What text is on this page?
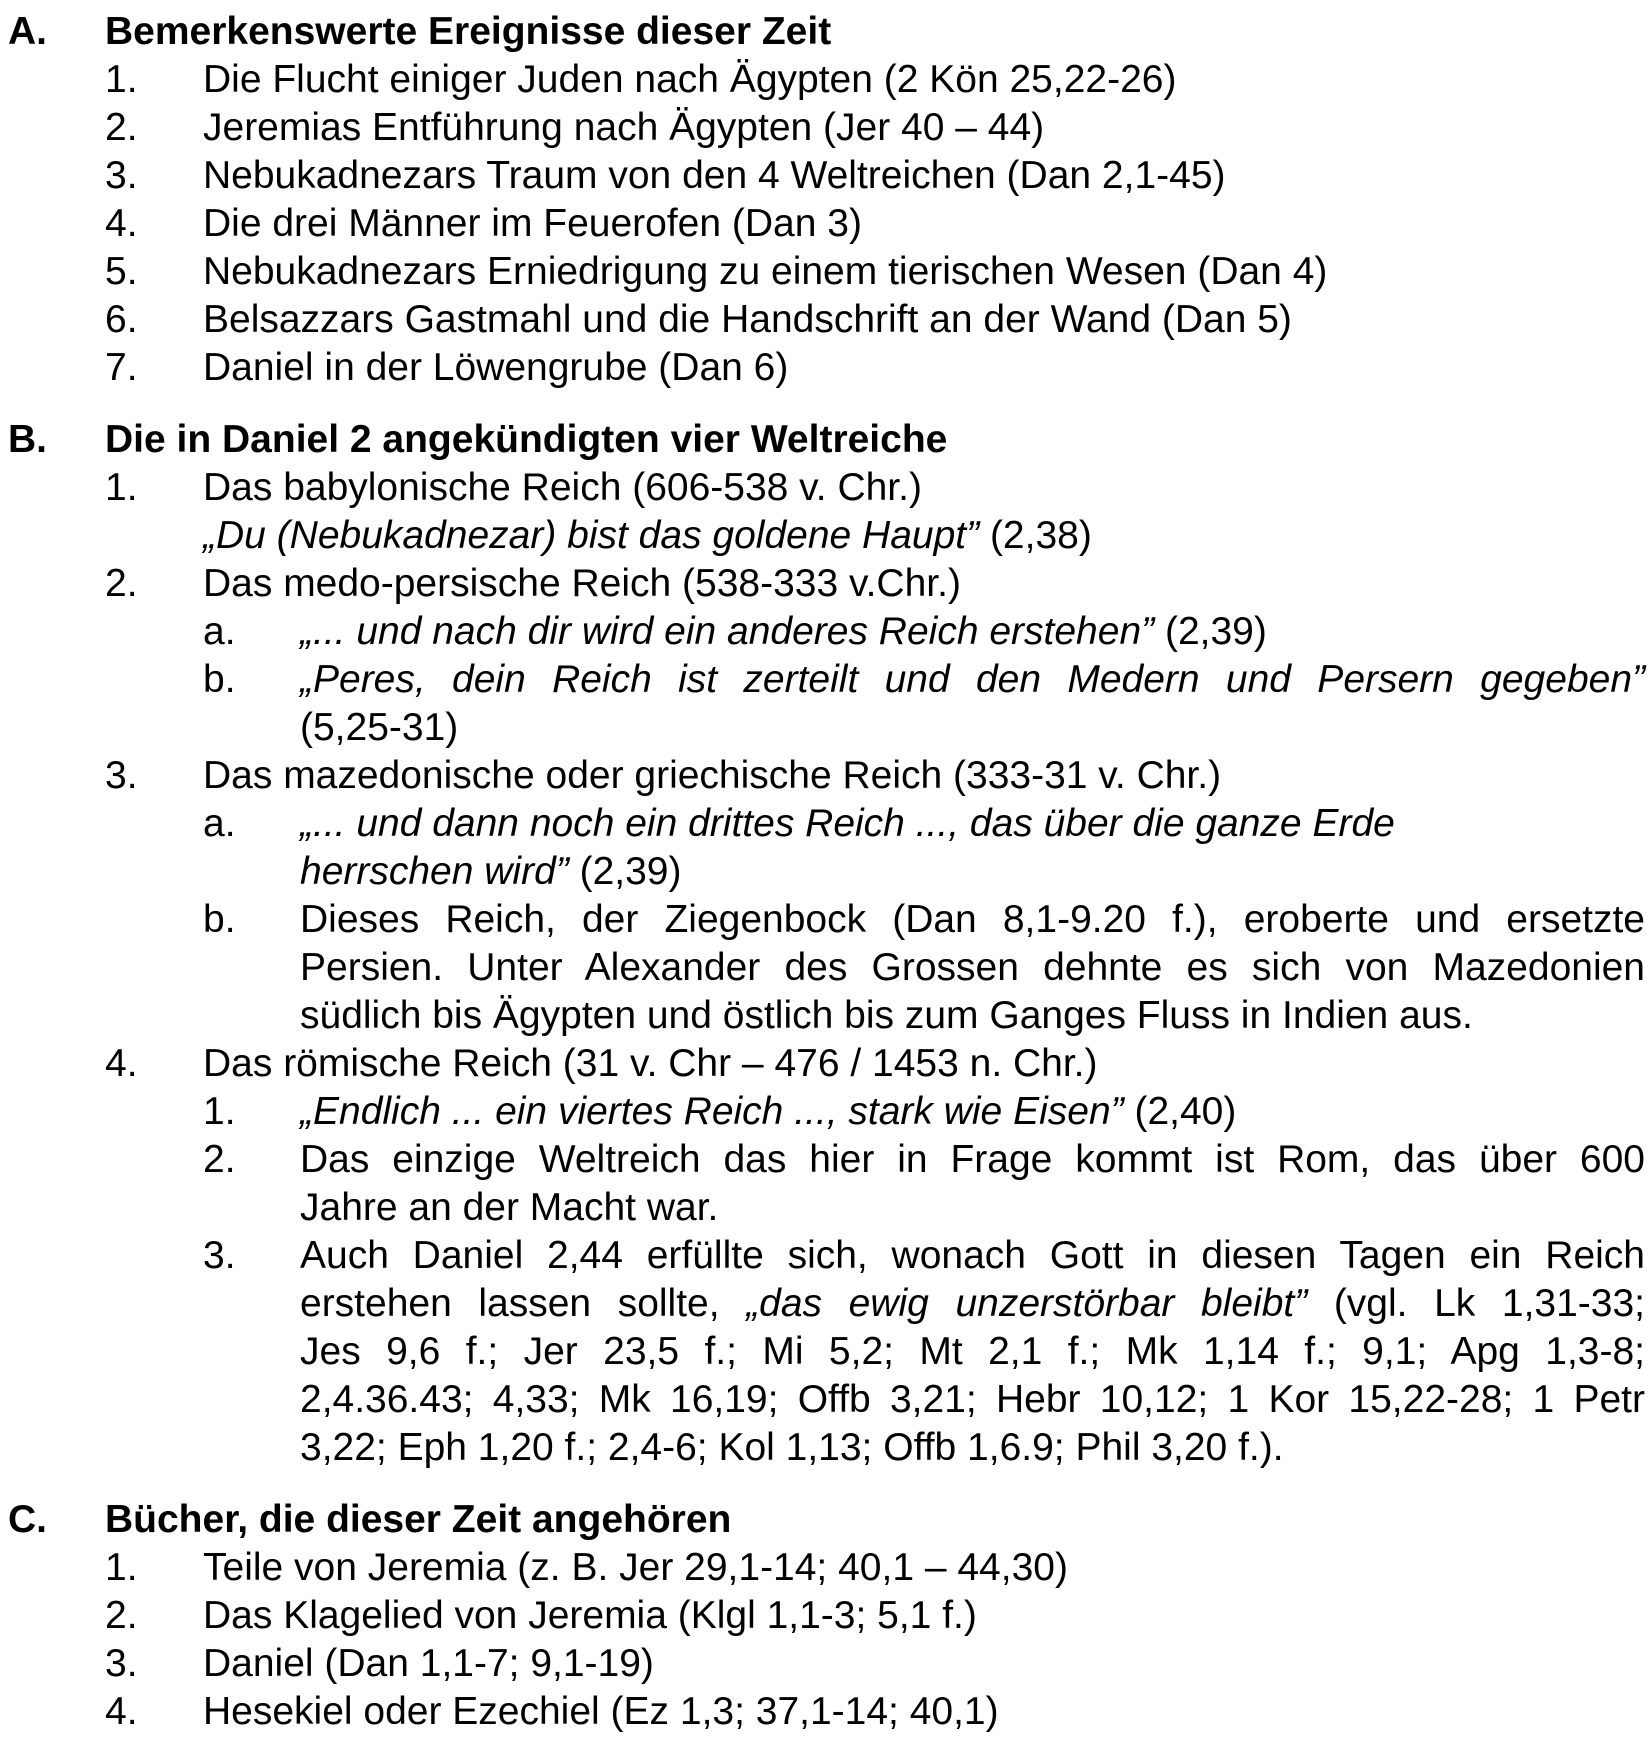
A.	Bemerkenswerte Ereignisse dieser Zeit
1.	Die Flucht einiger Juden nach Ägypten (2 Kön 25,22-26)
2.	Jeremias Entführung nach Ägypten (Jer 40 – 44)
3.	Nebukadnezars Traum von den 4 Weltreichen (Dan 2,1-45)
4.	Die drei Männer im Feuerofen (Dan 3)
5.	Nebukadnezars Erniedrigung zu einem tierischen Wesen (Dan 4)
6.	Belsazzars Gastmahl und die Handschrift an der Wand (Dan 5)
7.	Daniel in der Löwengrube (Dan 6)
B.	Die in Daniel 2 angekündigten vier Weltreiche
1.	Das babylonische Reich (606-538 v. Chr.)
„Du (Nebukadnezar) bist das goldene Haupt” (2,38)
2.	Das medo-persische Reich (538-333 v.Chr.)
a.	„... und nach dir wird ein anderes Reich erstehen” (2,39)
b.	„Peres, dein Reich ist zerteilt und den Medern und Persern gegeben”
(5,25-31)
3.	Das mazedonische oder griechische Reich (333-31 v. Chr.)
a.	„... und dann noch ein drittes Reich ..., das über die ganze Erde
herrschen wird” (2,39)
b.	Dieses Reich, der Ziegenbock (Dan 8,1-9.20 f.), eroberte und ersetzte
Persien. Unter Alexander des Grossen dehnte es sich von Mazedonien
südlich bis Ägypten und östlich bis zum Ganges Fluss in Indien aus.
4.	Das römische Reich (31 v. Chr – 476 / 1453 n. Chr.)
1.	„Endlich ... ein viertes Reich ..., stark wie Eisen” (2,40)
2.	Das einzige Weltreich das hier in Frage kommt ist Rom, das über 600
Jahre an der Macht war.
3.	Auch Daniel 2,44 erfüllte sich, wonach Gott in diesen Tagen ein Reich
erstehen lassen sollte, „das ewig unzerstörbar bleibt” (vgl. Lk 1,31-33;
Jes 9,6 f.; Jer 23,5 f.; Mi 5,2; Mt 2,1 f.; Mk 1,14 f.; 9,1; Apg 1,3-8;
2,4.36.43; 4,33; Mk 16,19; Offb 3,21; Hebr 10,12; 1 Kor 15,22-28; 1 Petr
3,22; Eph 1,20 f.; 2,4-6; Kol 1,13; Offb 1,6.9; Phil 3,20 f.).
C.	Bücher, die dieser Zeit angehören
1.	Teile von Jeremia (z. B. Jer 29,1-14; 40,1 – 44,30)
2.	Das Klagelied von Jeremia (Klgl 1,1-3; 5,1 f.)
3.	Daniel (Dan 1,1-7; 9,1-19)
4.	Hesekiel oder Ezechiel (Ez 1,3; 37,1-14; 40,1)
